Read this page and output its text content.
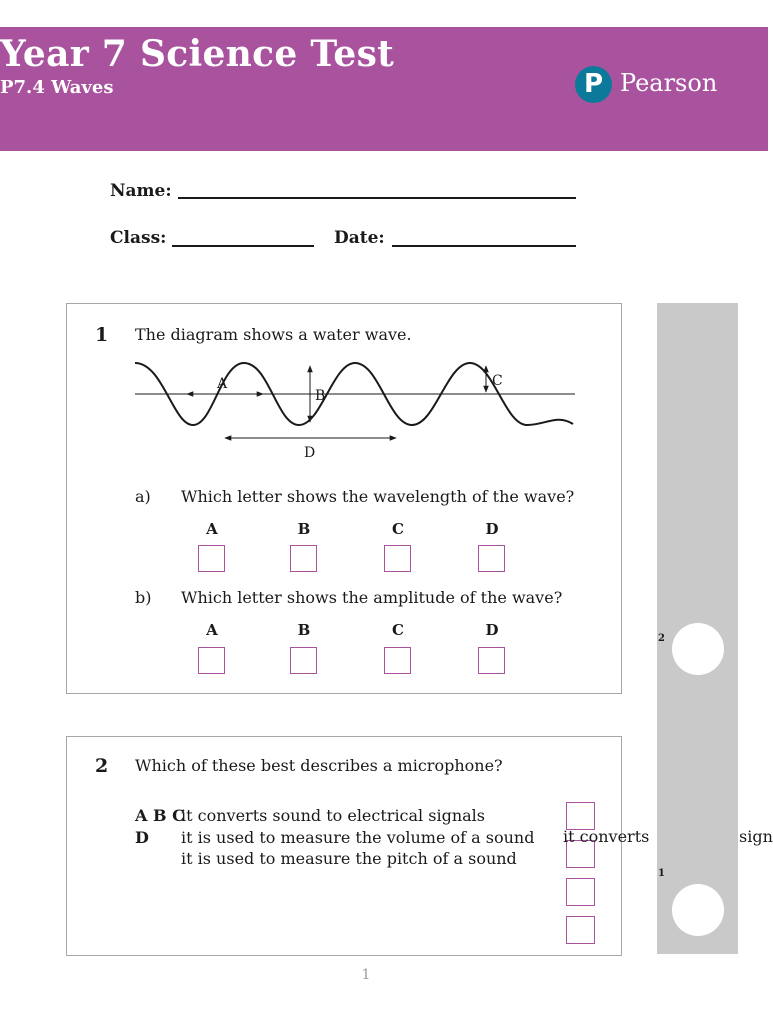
Year 7 Science Test
P7.4 Waves	P Pearson
Name:
Class:	Date:
1 The diagram shows a water wave.
A
B
C
D
a) Which letter shows the wavelength of the wave?
A	B	C	D
b) Which letter shows the amplitude of the wave?
A	B	C	D
2 Which of these best describes a microphone?
A B C
D
it converts sound to electrical signals
it is used to measure the volume of a sound
it is used to measure the pitch of a sound
2
1
it converts	sign
1
